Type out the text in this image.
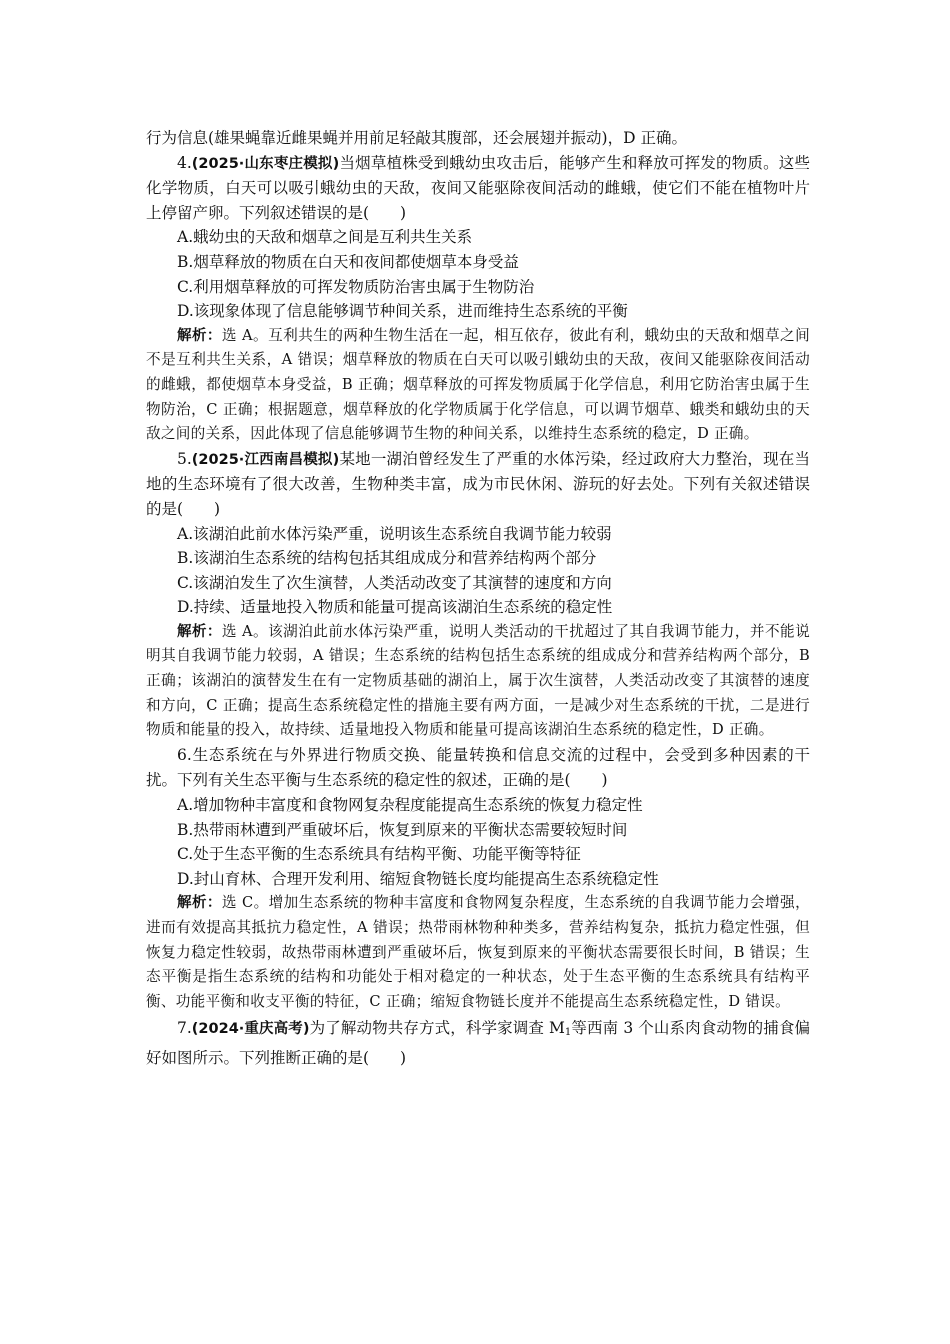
行为信息(雄果蝇靠近雌果蝇并用前足轻敲其腹部，还会展翅并振动)，D 正确。

4.(2025·山东枣庄模拟)当烟草植株受到蛾幼虫攻击后，能够产生和释放可挥发的物质。这些化学物质，白天可以吸引蛾幼虫的天敌，夜间又能驱除夜间活动的雌蛾，使它们不能在植物叶片上停留产卵。下列叙述错误的是(　　)

A.蛾幼虫的天敌和烟草之间是互利共生关系

B.烟草释放的物质在白天和夜间都使烟草本身受益

C.利用烟草释放的可挥发物质防治害虫属于生物防治

D.该现象体现了信息能够调节种间关系，进而维持生态系统的平衡

解析：选 A。互利共生的两种生物生活在一起，相互依存，彼此有利，蛾幼虫的天敌和烟草之间不是互利共生关系，A 错误；烟草释放的物质在白天可以吸引蛾幼虫的天敌，夜间又能驱除夜间活动的雌蛾，都使烟草本身受益，B 正确；烟草释放的可挥发物质属于化学信息，利用它防治害虫属于生物防治，C 正确；根据题意，烟草释放的化学物质属于化学信息，可以调节烟草、蛾类和蛾幼虫的天敌之间的关系，因此体现了信息能够调节生物的种间关系，以维持生态系统的稳定，D 正确。

5.(2025·江西南昌模拟)某地一湖泊曾经发生了严重的水体污染，经过政府大力整治，现在当地的生态环境有了很大改善，生物种类丰富，成为市民休闲、游玩的好去处。下列有关叙述错误的是(　　)

A.该湖泊此前水体污染严重，说明该生态系统自我调节能力较弱

B.该湖泊生态系统的结构包括其组成成分和营养结构两个部分

C.该湖泊发生了次生演替，人类活动改变了其演替的速度和方向

D.持续、适量地投入物质和能量可提高该湖泊生态系统的稳定性

解析：选 A。该湖泊此前水体污染严重，说明人类活动的干扰超过了其自我调节能力，并不能说明其自我调节能力较弱，A 错误；生态系统的结构包括生态系统的组成成分和营养结构两个部分，B 正确；该湖泊的演替发生在有一定物质基础的湖泊上，属于次生演替，人类活动改变了其演替的速度和方向，C 正确；提高生态系统稳定性的措施主要有两方面，一是减少对生态系统的干扰，二是进行物质和能量的投入，故持续、适量地投入物质和能量可提高该湖泊生态系统的稳定性，D 正确。

6.生态系统在与外界进行物质交换、能量转换和信息交流的过程中，会受到多种因素的干扰。下列有关生态平衡与生态系统的稳定性的叙述，正确的是(　　)

A.增加物种丰富度和食物网复杂程度能提高生态系统的恢复力稳定性

B.热带雨林遭到严重破坏后，恢复到原来的平衡状态需要较短时间

C.处于生态平衡的生态系统具有结构平衡、功能平衡等特征

D.封山育林、合理开发利用、缩短食物链长度均能提高生态系统稳定性

解析：选 C。增加生态系统的物种丰富度和食物网复杂程度，生态系统的自我调节能力会增强，进而有效提高其抵抗力稳定性，A 错误；热带雨林物种种类多，营养结构复杂，抵抗力稳定性强，但恢复力稳定性较弱，故热带雨林遭到严重破坏后，恢复到原来的平衡状态需要很长时间，B 错误；生态平衡是指生态系统的结构和功能处于相对稳定的一种状态，处于生态平衡的生态系统具有结构平衡、功能平衡和收支平衡的特征，C 正确；缩短食物链长度并不能提高生态系统稳定性，D 错误。

7.(2024·重庆高考)为了解动物共存方式，科学家调查 $M_1$等西南 3 个山系肉食动物的捕食偏好如图所示。下列推断正确的是(　　)
